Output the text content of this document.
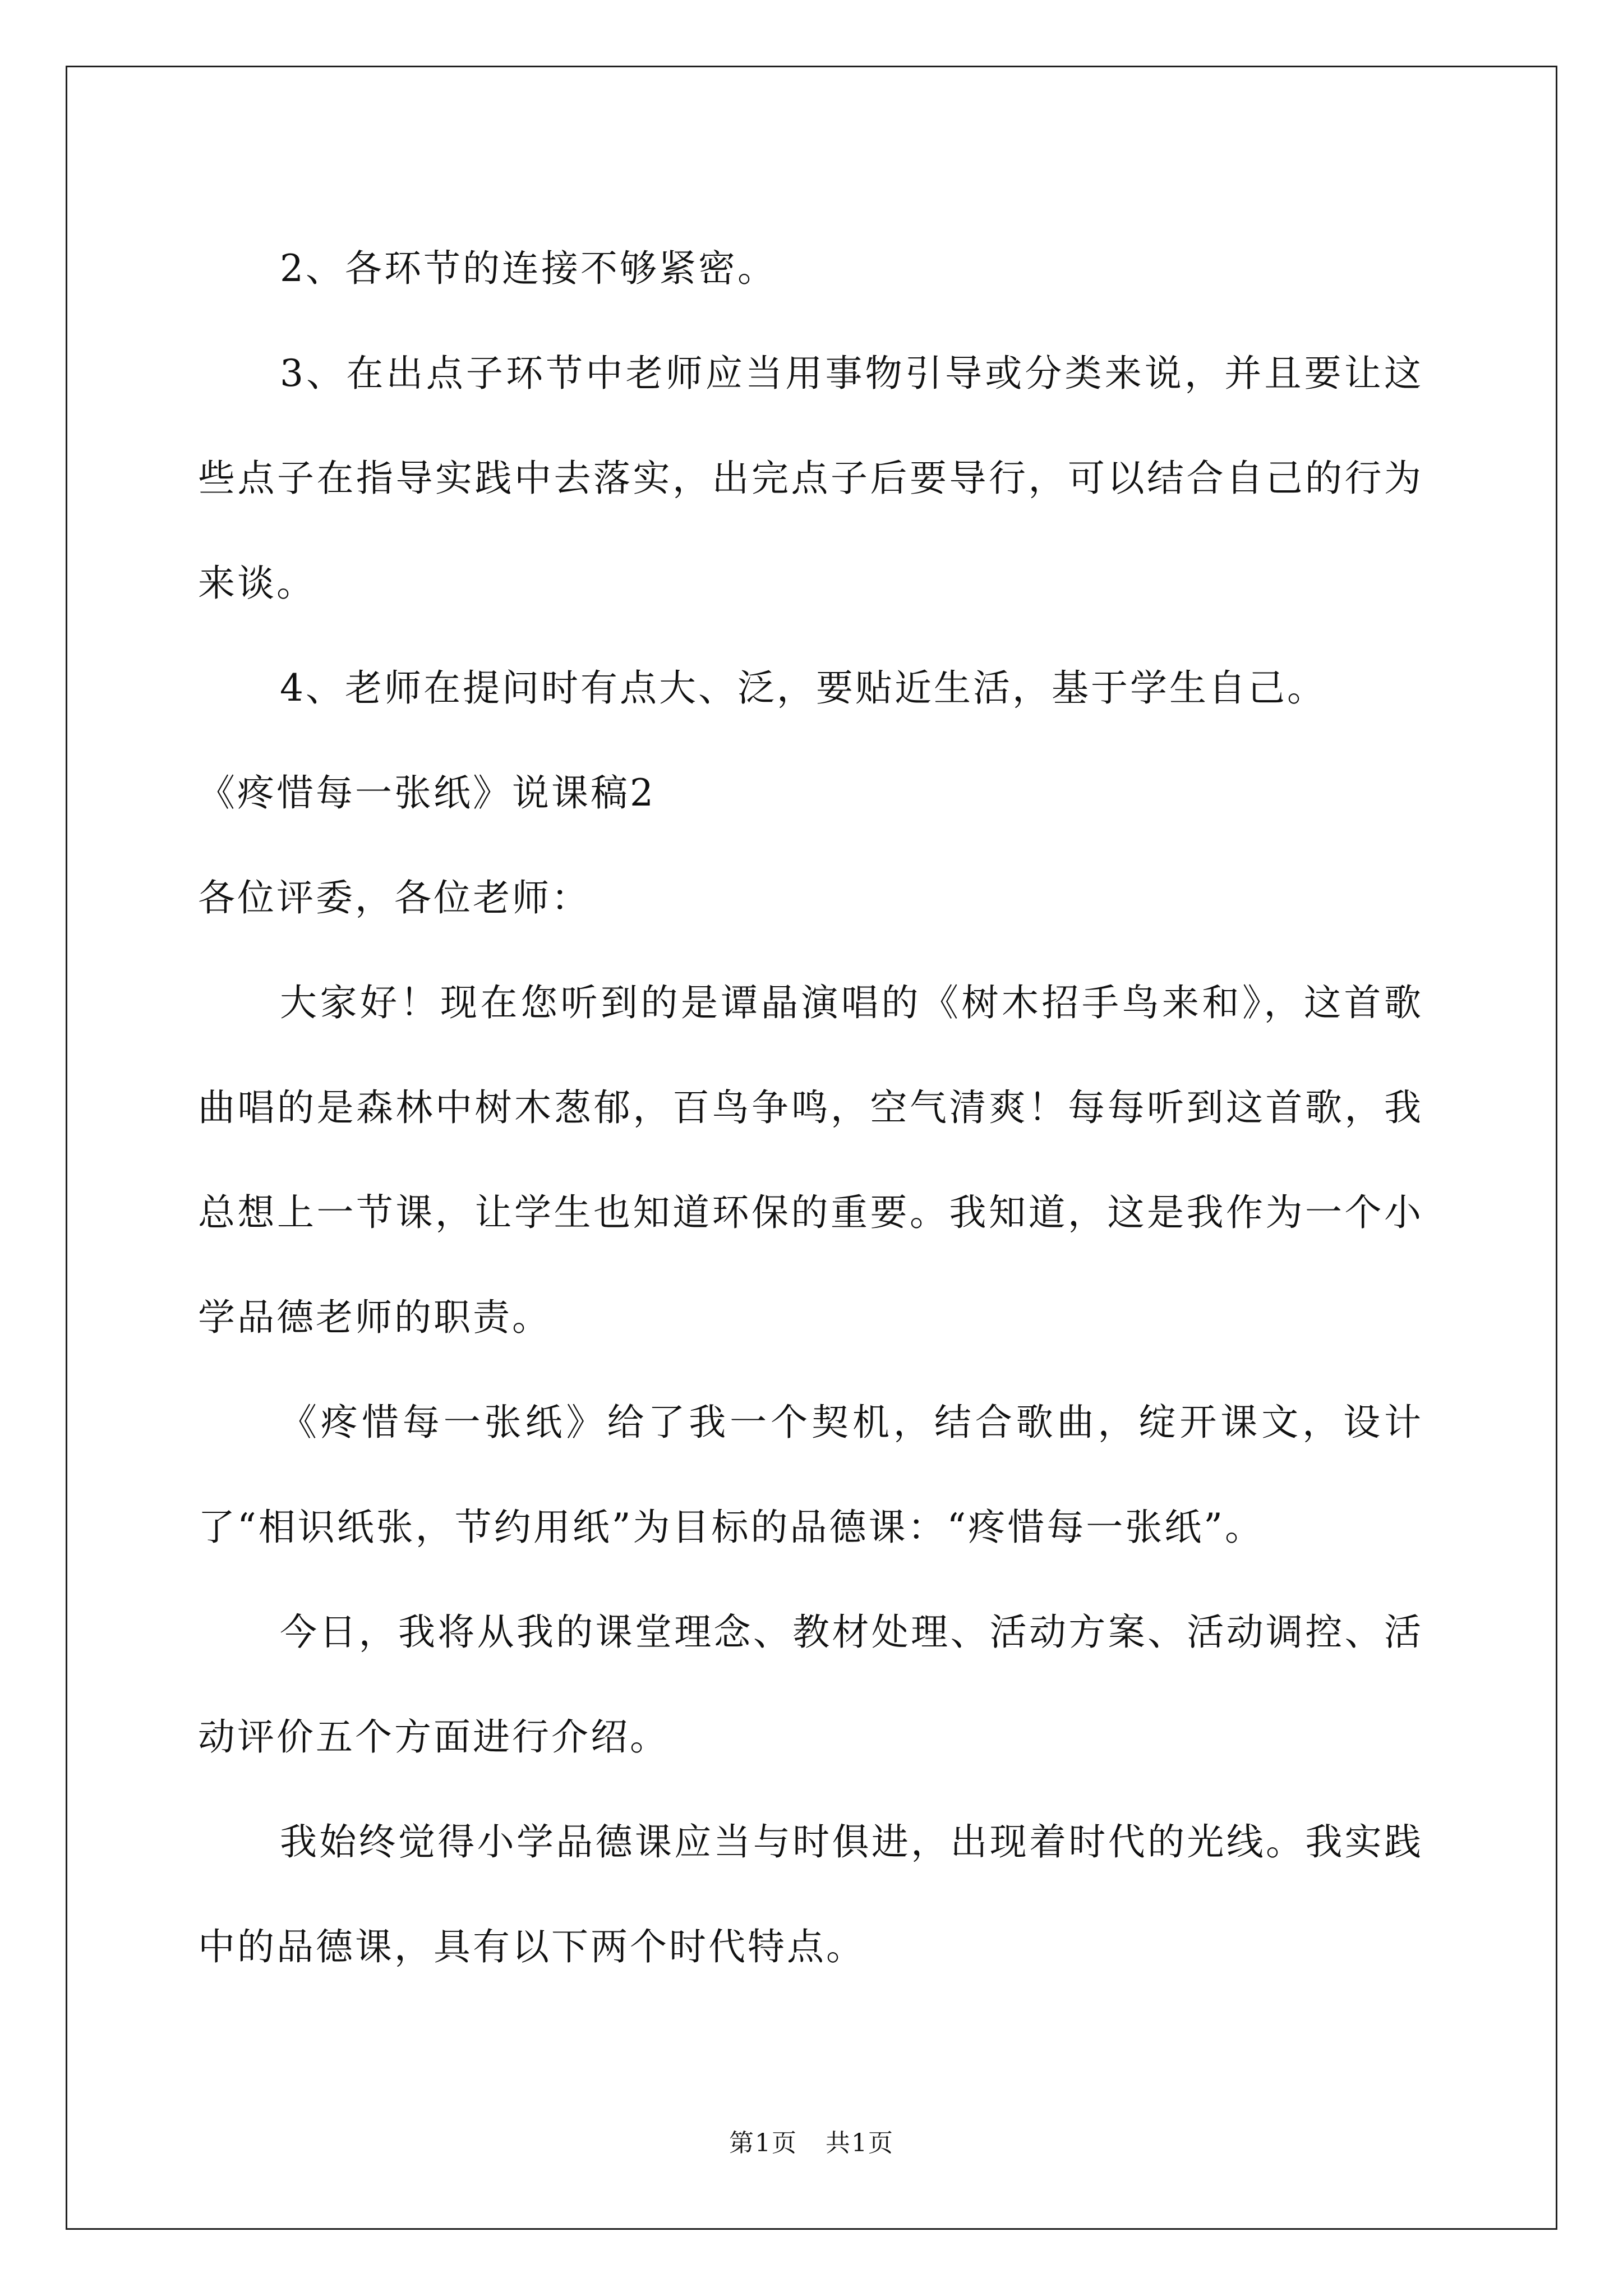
2、各环节的连接不够紧密。

3、在出点子环节中老师应当用事物引导或分类来说，并且要让这些点子在指导实践中去落实，出完点子后要导行，可以结合自己的行为来谈。

4、老师在提问时有点大、泛，要贴近生活，基于学生自己。

《疼惜每一张纸》说课稿2

各位评委，各位老师：

大家好！现在您听到的是谭晶演唱的《树木招手鸟来和》，这首歌曲唱的是森林中树木葱郁，百鸟争鸣，空气清爽！每每听到这首歌，我总想上一节课，让学生也知道环保的重要。我知道，这是我作为一个小学品德老师的职责。

《疼惜每一张纸》给了我一个契机，结合歌曲，绽开课文，设计了“相识纸张，节约用纸”为目标的品德课：“疼惜每一张纸”。

今日，我将从我的课堂理念、教材处理、活动方案、活动调控、活动评价五个方面进行介绍。

我始终觉得小学品德课应当与时俱进，出现着时代的光线。我实践中的品德课，具有以下两个时代特点。

第1页 共1页
